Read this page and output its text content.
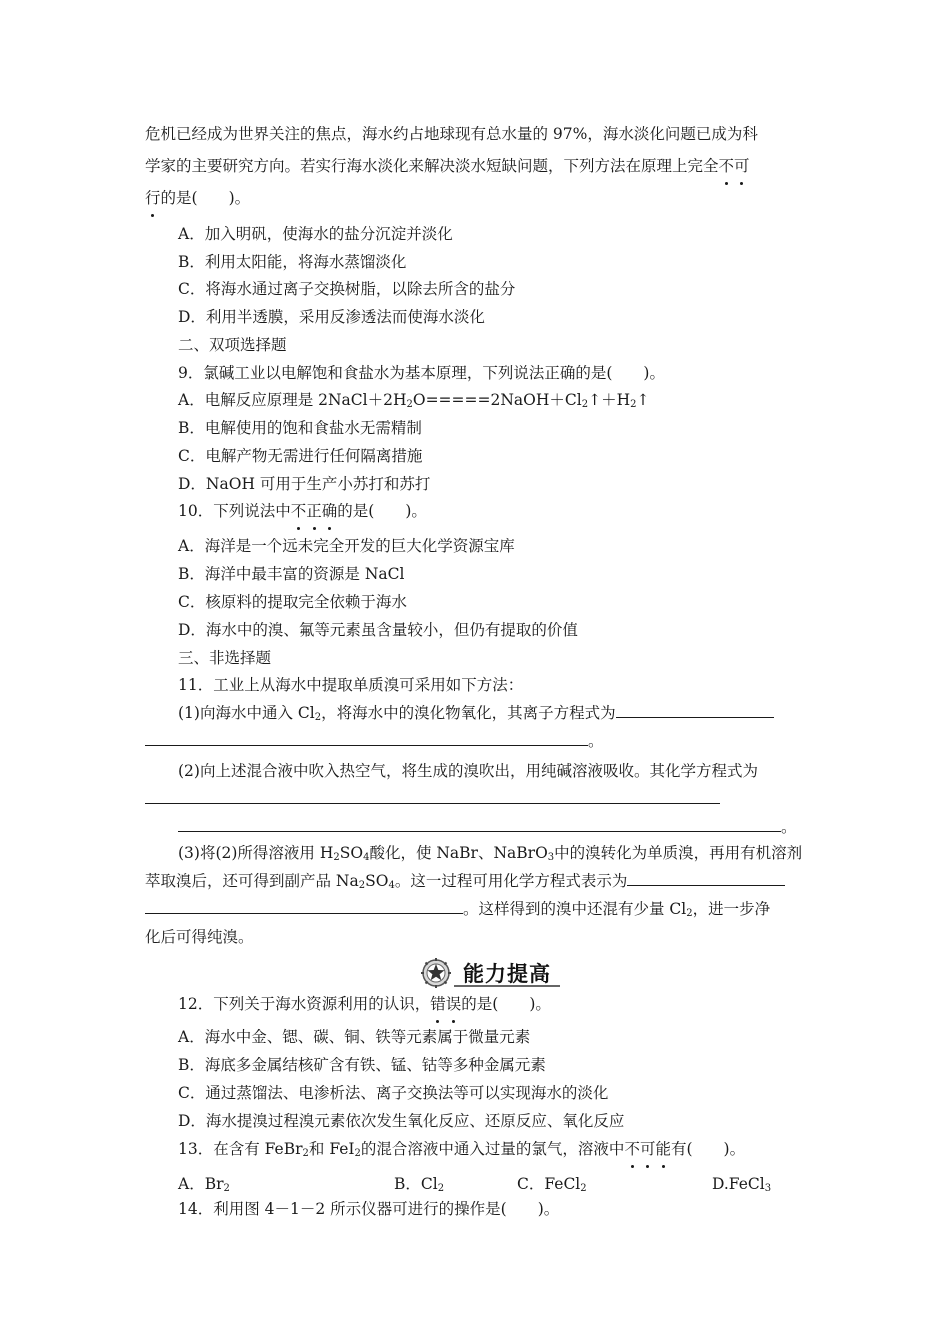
危机已经成为世界关注的焦点，海水约占地球现有总水量的 97%，海水淡化问题已成为科
学家的主要研究方向。若实行海水淡化来解决淡水短缺问题，下列方法在原理上完全不可
行的是(　　)。
A．加入明矾，使海水的盐分沉淀并淡化
B．利用太阳能，将海水蒸馏淡化
C．将海水通过离子交换树脂，以除去所含的盐分
D．利用半透膜，采用反渗透法而使海水淡化
二、双项选择题
9．氯碱工业以电解饱和食盐水为基本原理，下列说法正确的是(　　)。
A．电解反应原理是 $2NaCl+2H_2O=====2NaOH+Cl_2↑+H_2↑$
B．电解使用的饱和食盐水无需精制
C．电解产物无需进行任何隔离措施
D．NaOH 可用于生产小苏打和苏打
10．下列说法中不正确的是(　　)。
A．海洋是一个远未完全开发的巨大化学资源宝库
B．海洋中最丰富的资源是 NaCl
C．核原料的提取完全依赖于海水
D．海水中的溴、氟等元素虽含量较小，但仍有提取的价值
三、非选择题
11．工业上从海水中提取单质溴可采用如下方法：
(1)向海水中通入 $Cl_2$，将海水中的溴化物氧化，其离子方程式为
。
(2)向上述混合液中吹入热空气，将生成的溴吹出，用纯碱溶液吸收。其化学方程式为
。
(3)将(2)所得溶液用 $H_2SO_4$酸化，使 NaBr、NaBrO$_3$中的溴转化为单质溴，再用有机溶剂
萃取溴后，还可得到副产品 $Na_2SO_4$。这一过程可用化学方程式表示为
。这样得到的溴中还混有少量 $Cl_2$，进一步净
化后可得纯溴。
能力提高
12．下列关于海水资源利用的认识，错误的是(　　)。
A．海水中金、锶、碳、铜、铁等元素属于微量元素
B．海底多金属结核矿含有铁、锰、钴等多种金属元素
C．通过蒸馏法、电渗析法、离子交换法等可以实现海水的淡化
D．海水提溴过程溴元素依次发生氧化反应、还原反应、氧化反应
13．在含有 FeBr$_2$和 FeI$_2$的混合溶液中通入过量的氯气，溶液中不可能有(　　)。
A．$Br_2$	B．$Cl_2$	C．FeCl$_2$	D.FeCl$_3$
14．利用图 4－1－2 所示仪器可进行的操作是(　　)。
